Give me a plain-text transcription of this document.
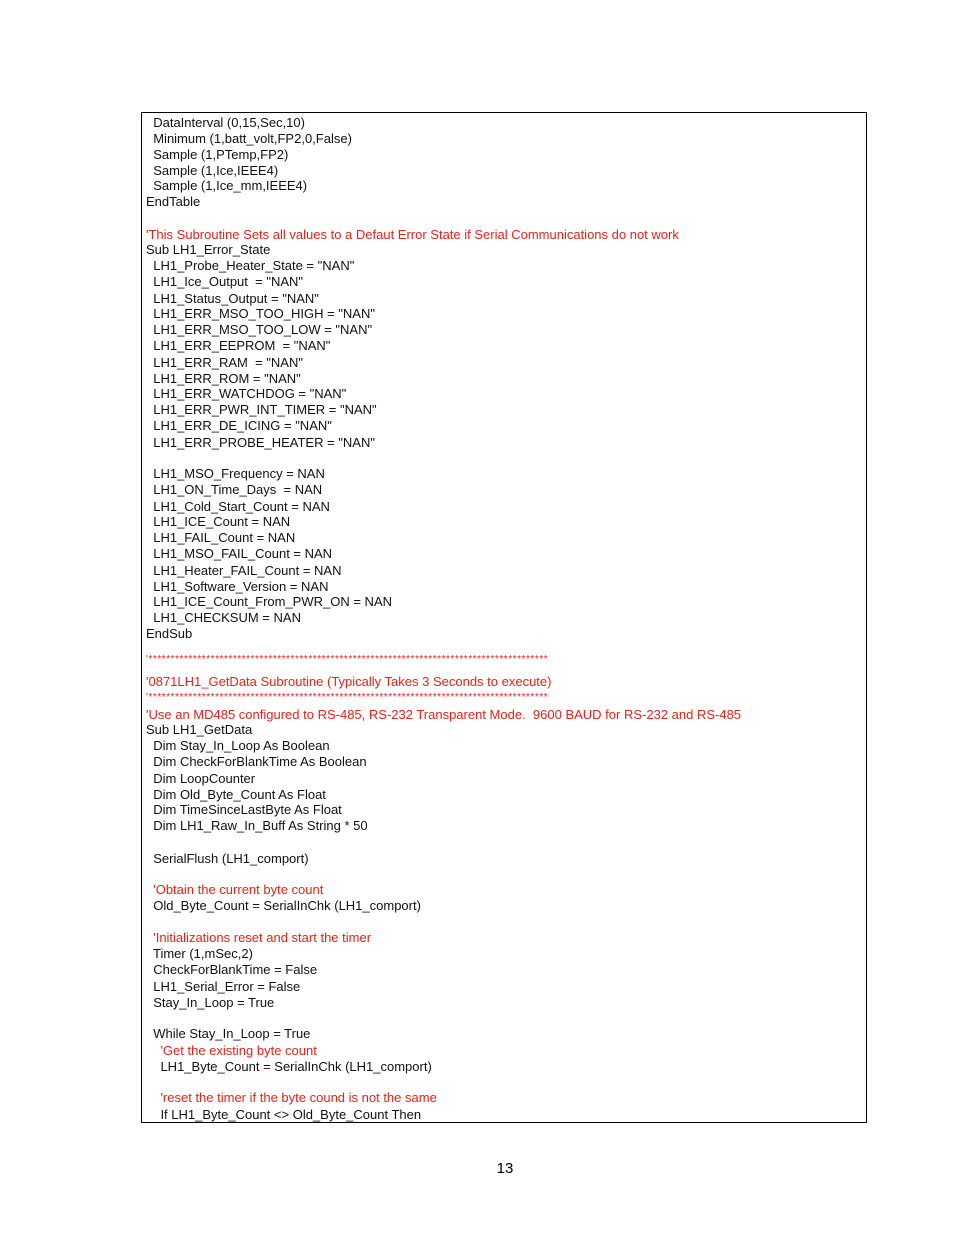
DataInterval (0,15,Sec,10)
Minimum (1,batt_volt,FP2,0,False)
Sample (1,PTemp,FP2)
Sample (1,Ice,IEEE4)
Sample (1,Ice_mm,IEEE4)
EndTable
'This Subroutine Sets all values to a Defaut Error State if Serial Communications do not work
Sub LH1_Error_State
LH1_Probe_Heater_State = "NAN"
LH1_Ice_Output  = "NAN"
LH1_Status_Output = "NAN"
LH1_ERR_MSO_TOO_HIGH = "NAN"
LH1_ERR_MSO_TOO_LOW = "NAN"
LH1_ERR_EEPROM  = "NAN"
LH1_ERR_RAM  = "NAN"
LH1_ERR_ROM = "NAN"
LH1_ERR_WATCHDOG = "NAN"
LH1_ERR_PWR_INT_TIMER = "NAN"
LH1_ERR_DE_ICING = "NAN"
LH1_ERR_PROBE_HEATER = "NAN"
LH1_MSO_Frequency = NAN
LH1_ON_Time_Days  = NAN
LH1_Cold_Start_Count = NAN
LH1_ICE_Count = NAN
LH1_FAIL_Count = NAN
LH1_MSO_FAIL_Count = NAN
LH1_Heater_FAIL_Count = NAN
LH1_Software_Version = NAN
LH1_ICE_Count_From_PWR_ON = NAN
LH1_CHECKSUM = NAN
EndSub
'******************************************************************************************
'0871LH1_GetData Subroutine (Typically Takes 3 Seconds to execute)
'******************************************************************************************
'Use an MD485 configured to RS-485, RS-232 Transparent Mode.  9600 BAUD for RS-232 and RS-485
Sub LH1_GetData
Dim Stay_In_Loop As Boolean
Dim CheckForBlankTime As Boolean
Dim LoopCounter
Dim Old_Byte_Count As Float
Dim TimeSinceLastByte As Float
Dim LH1_Raw_In_Buff As String * 50
SerialFlush (LH1_comport)
'Obtain the current byte count
Old_Byte_Count = SerialInChk (LH1_comport)
'Initializations reset and start the timer
Timer (1,mSec,2)
CheckForBlankTime = False
LH1_Serial_Error = False
Stay_In_Loop = True
While Stay_In_Loop = True
'Get the existing byte count
LH1_Byte_Count = SerialInChk (LH1_comport)
'reset the timer if the byte cound is not the same
If LH1_Byte_Count <> Old_Byte_Count Then
13
